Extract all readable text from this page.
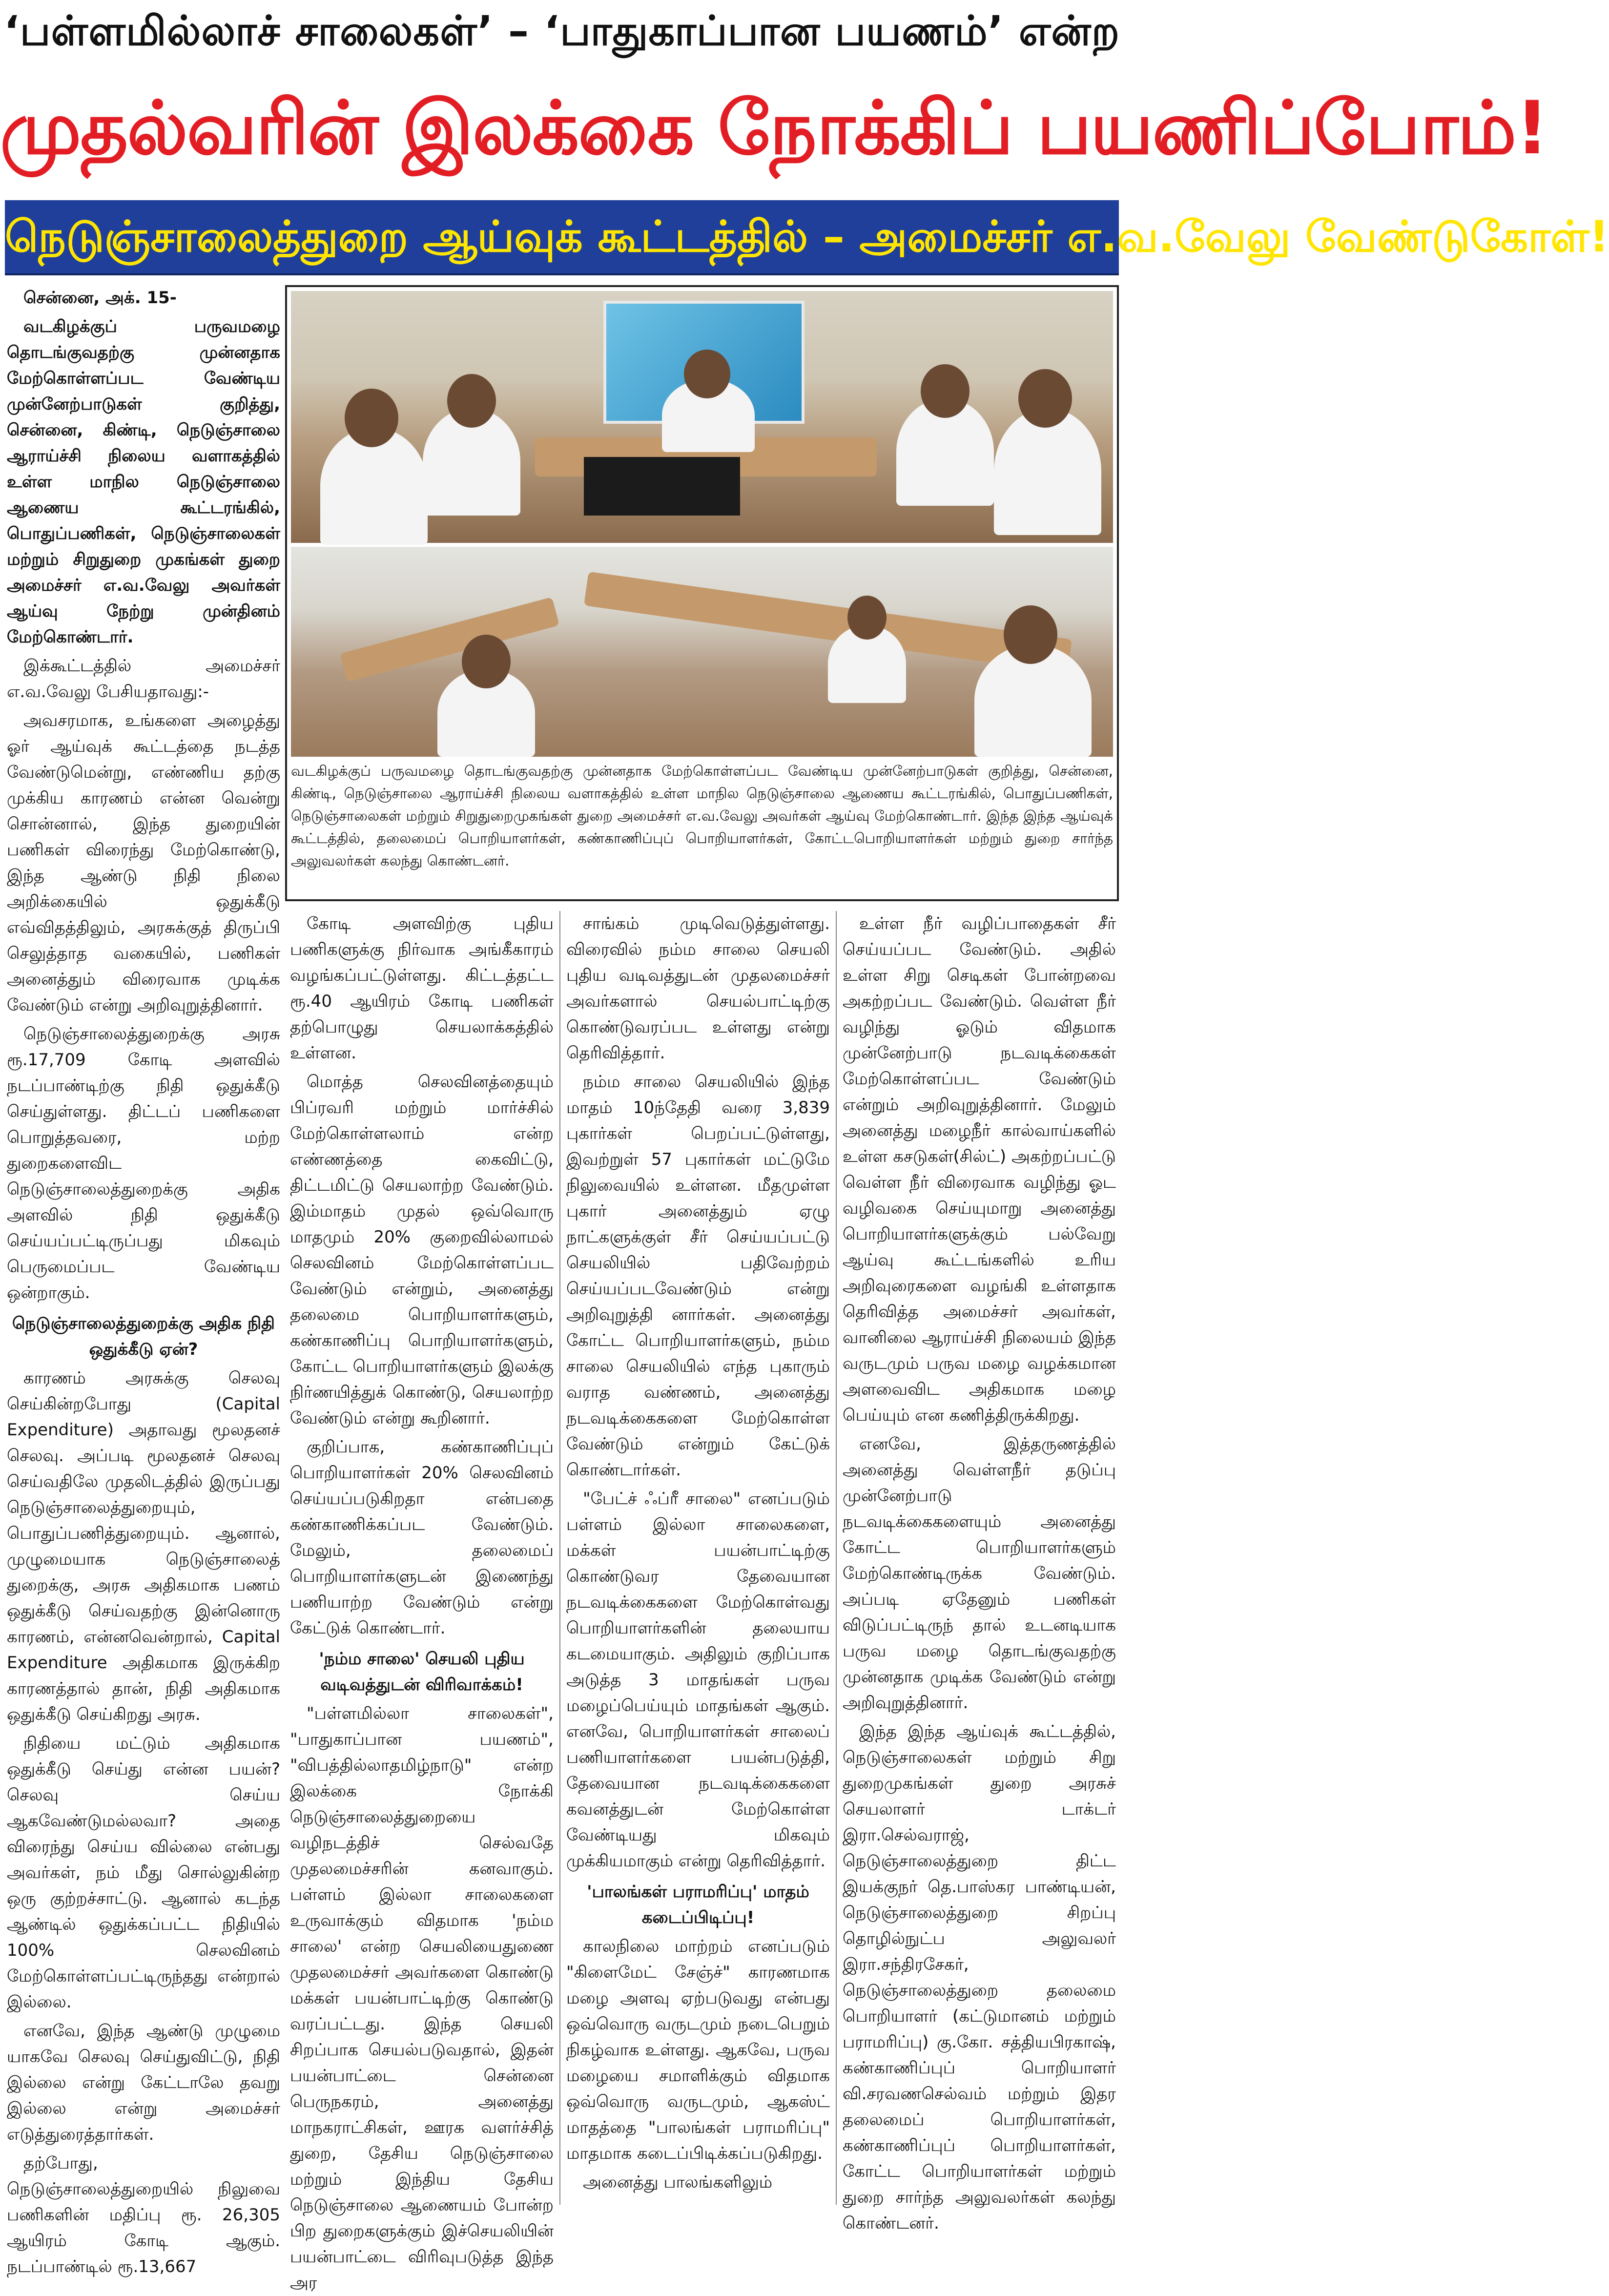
‘பள்ளமில்லாச் சாலைகள்’ – ‘பாதுகாப்பான பயணம்’ என்ற
முதல்வரின் இலக்கை நோக்கிப் பயணிப்போம்!
நெடுஞ்சாலைத்துறை ஆய்வுக் கூட்டத்தில் – அமைச்சர் எ.வ.வேலு வேண்டுகோள்!

சென்னை, அக். 15-

வடகிழக்குப் பருவமழை தொடங்குவதற்கு முன்னதாக மேற்கொள்ளப்பட வேண்டிய முன்னேற்பாடுகள் குறித்து, சென்னை, கிண்டி, நெடுஞ்சாலை ஆராய்ச்சி நிலைய வளாகத்தில் உள்ள மாநில நெடுஞ்சாலை ஆணைய கூட்டரங்கில், பொதுப்பணிகள், நெடுஞ்சாலைகள் மற்றும் சிறுதுறை முகங்கள் துறை அமைச்சர் எ.வ.வேலு அவர்கள் ஆய்வு நேற்று முன்தினம் மேற்கொண்டார்.

இக்கூட்டத்தில் அமைச்சர் எ.வ.வேலு பேசியதாவது:-

அவசரமாக, உங்களை அழைத்து ஓர் ஆய்வுக் கூட்டத்தை நடத்த வேண்டுமென்று, எண்ணிய தற்கு முக்கிய காரணம் என்ன வென்று சொன்னால், இந்த துறையின் பணிகள் விரைந்து மேற்கொண்டு, இந்த ஆண்டு நிதி நிலை அறிக்கையில் ஒதுக்கீடு எவ்விதத்திலும், அரசுக்குத் திருப்பி செலுத்தாத வகையில், பணிகள் அனைத்தும் விரைவாக முடிக்க வேண்டும் என்று அறிவுறுத்தினார்.

நெடுஞ்சாலைத்துறைக்கு அரசு ரூ.17,709 கோடி அளவில் நடப்பாண்டிற்கு நிதி ஒதுக்கீடு செய்துள்ளது. திட்டப் பணிகளை பொறுத்தவரை, மற்ற துறைகளைவிட நெடுஞ்சாலைத்துறைக்கு அதிக அளவில் நிதி ஒதுக்கீடு செய்யப்பட்டிருப்பது மிகவும் பெருமைப்பட வேண்டிய ஒன்றாகும்.

நெடுஞ்சாலைத்துறைக்கு அதிக நிதி ஒதுக்கீடு ஏன்?

காரணம் அரசுக்கு செலவு செய்கின்றபோது (Capital Expenditure) அதாவது மூலதனச் செலவு. அப்படி மூலதனச் செலவு செய்வதிலே முதலிடத்தில் இருப்பது நெடுஞ்சாலைத்துறையும், பொதுப்பணித்துறையும். ஆனால், முழுமையாக நெடுஞ்சாலைத் துறைக்கு, அரசு அதிகமாக பணம் ஒதுக்கீடு செய்வதற்கு இன்னொரு காரணம், என்னவென்றால், Capital Expenditure அதிகமாக இருக்கிற காரணத்தால் தான், நிதி அதிகமாக ஒதுக்கீடு செய்கிறது அரசு.

நிதியை மட்டும் அதிகமாக ஒதுக்கீடு செய்து என்ன பயன்? செலவு செய்ய ஆகவேண்டுமல்லவா? அதை விரைந்து செய்ய வில்லை என்பது அவர்கள், நம் மீது சொல்லுகின்ற ஒரு குற்றச்சாட்டு. ஆனால் கடந்த ஆண்டில் ஒதுக்கப்பட்ட நிதியில் 100% செலவினம் மேற்கொள்ளப்பட்டிருந்தது என்றால் இல்லை.

எனவே, இந்த ஆண்டு முழுமை யாகவே செலவு செய்துவிட்டு, நிதி இல்லை என்று கேட்டாலே தவறு இல்லை என்று அமைச்சர் எடுத்துரைத்தார்கள்.

தற்போது, நெடுஞ்சாலைத்துறையில் நிலுவை பணிகளின் மதிப்பு ரூ. 26,305 ஆயிரம் கோடி ஆகும். நடப்பாண்டில் ரூ.13,667

வடகிழக்குப் பருவமழை தொடங்குவதற்கு முன்னதாக மேற்கொள்ளப்பட வேண்டிய முன்னேற்பாடுகள் குறித்து, சென்னை, கிண்டி, நெடுஞ்சாலை ஆராய்ச்சி நிலைய வளாகத்தில் உள்ள மாநில நெடுஞ்சாலை ஆணைய கூட்டரங்கில், பொதுப்பணிகள், நெடுஞ்சாலைகள் மற்றும் சிறுதுறைமுகங்கள் துறை அமைச்சர் எ.வ.வேலு அவர்கள் ஆய்வு மேற்கொண்டார். இந்த இந்த ஆய்வுக் கூட்டத்தில், தலைமைப் பொறியாளர்கள், கண்காணிப்புப் பொறியாளர்கள், கோட்டபொறியாளர்கள் மற்றும் துறை சார்ந்த அலுவலர்கள் கலந்து கொண்டனர்.

கோடி அளவிற்கு புதிய பணிகளுக்கு நிர்வாக அங்கீகாரம் வழங்கப்பட்டுள்ளது. கிட்டத்தட்ட ரூ.40 ஆயிரம் கோடி பணிகள் தற்பொழுது செயலாக்கத்தில் உள்ளன.

மொத்த செலவினத்தையும் பிப்ரவரி மற்றும் மார்ச்சில் மேற்கொள்ளலாம் என்ற எண்ணத்தை கைவிட்டு, திட்டமிட்டு செயலாற்ற வேண்டும். இம்மாதம் முதல் ஒவ்வொரு மாதமும் 20% குறைவில்லாமல் செலவினம் மேற்கொள்ளப்பட வேண்டும் என்றும், அனைத்து தலைமை பொறியாளர்களும், கண்காணிப்பு பொறியாளர்களும், கோட்ட பொறியாளர்களும் இலக்கு நிர்ணயித்துக் கொண்டு, செயலாற்ற வேண்டும் என்று கூறினார்.

குறிப்பாக, கண்காணிப்புப் பொறியாளர்கள் 20% செலவினம் செய்யப்படுகிறதா என்பதை கண்காணிக்கப்பட வேண்டும். மேலும், தலைமைப் பொறியாளர்களுடன் இணைந்து பணியாற்ற வேண்டும் என்று கேட்டுக் கொண்டார்.

'நம்ம சாலை' செயலி புதிய வடிவத்துடன் விரிவாக்கம்!

"பள்ளமில்லா சாலைகள்", "பாதுகாப்பான பயணம்", "விபத்தில்லாதமிழ்நாடு" என்ற இலக்கை நோக்கி நெடுஞ்சாலைத்துறையை வழிநடத்திச் செல்வதே முதலமைச்சரின் கனவாகும். பள்ளம் இல்லா சாலைகளை உருவாக்கும் விதமாக 'நம்ம சாலை' என்ற செயலியைதுணை முதலமைச்சர் அவர்களை கொண்டு மக்கள் பயன்பாட்டிற்கு கொண்டு வரப்பட்டது. இந்த செயலி சிறப்பாக செயல்படுவதால், இதன் பயன்பாட்டை சென்னை பெருநகரம், அனைத்து மாநகராட்சிகள், ஊரக வளர்ச்சித் துறை, தேசிய நெடுஞ்சாலை மற்றும் இந்திய தேசிய நெடுஞ்சாலை ஆணையம் போன்ற பிற துறைகளுக்கும் இச்செயலியின் பயன்பாட்டை விரிவுபடுத்த இந்த அர

சாங்கம் முடிவெடுத்துள்ளது. விரைவில் நம்ம சாலை செயலி புதிய வடிவத்துடன் முதலமைச்சர் அவர்களால் செயல்பாட்டிற்கு கொண்டுவரப்பட உள்ளது என்று தெரிவித்தார்.

நம்ம சாலை செயலியில் இந்த மாதம் 10ந்தேதி வரை 3,839 புகார்கள் பெறப்பட்டுள்ளது, இவற்றுள் 57 புகார்கள் மட்டுமே நிலுவையில் உள்ளன. மீதமுள்ள புகார் அனைத்தும் ஏழு நாட்களுக்குள் சீர் செய்யப்பட்டு செயலியில் பதிவேற்றம் செய்யப்படவேண்டும் என்று அறிவுறுத்தி னார்கள். அனைத்து கோட்ட பொறியாளர்களும், நம்ம சாலை செயலியில் எந்த புகாரும் வராத வண்ணம், அனைத்து நடவடிக்கைகளை மேற்கொள்ள வேண்டும் என்றும் கேட்டுக் கொண்டார்கள்.

"பேட்ச் ஃப்ரீ சாலை" எனப்படும் பள்ளம் இல்லா சாலைகளை, மக்கள் பயன்பாட்டிற்கு கொண்டுவர தேவையான நடவடிக்கைகளை மேற்கொள்வது பொறியாளர்களின் தலையாய கடமையாகும். அதிலும் குறிப்பாக அடுத்த 3 மாதங்கள் பருவ மழைப்பெய்யும் மாதங்கள் ஆகும். எனவே, பொறியாளர்கள் சாலைப் பணியாளர்களை பயன்படுத்தி, தேவையான நடவடிக்கைகளை கவனத்துடன் மேற்கொள்ள வேண்டியது மிகவும் முக்கியமாகும் என்று தெரிவித்தார்.

'பாலங்கள் பராமரிப்பு' மாதம் கடைப்பிடிப்பு!

காலநிலை மாற்றம் எனப்படும் "கிளைமேட் சேஞ்ச்" காரணமாக மழை அளவு ஏற்படுவது என்பது ஒவ்வொரு வருடமும் நடைபெறும் நிகழ்வாக உள்ளது. ஆகவே, பருவ மழையை சமாளிக்கும் விதமாக ஒவ்வொரு வருடமும், ஆகஸ்ட் மாதத்தை "பாலங்கள் பராமரிப்பு" மாதமாக கடைப்பிடிக்கப்படுகிறது.

அனைத்து பாலங்களிலும்

உள்ள நீர் வழிப்பாதைகள் சீர் செய்யப்பட வேண்டும். அதில் உள்ள சிறு செடிகள் போன்றவை அகற்றப்பட வேண்டும். வெள்ள நீர் வழிந்து ஓடும் விதமாக முன்னேற்பாடு நடவடிக்கைகள் மேற்கொள்ளப்பட வேண்டும் என்றும் அறிவுறுத்தினார். மேலும் அனைத்து மழைநீர் கால்வாய்களில் உள்ள கசடுகள்(சில்ட்) அகற்றப்பட்டு வெள்ள நீர் விரைவாக வழிந்து ஓட வழிவகை செய்யுமாறு அனைத்து பொறியாளர்களுக்கும் பல்வேறு ஆய்வு கூட்டங்களில் உரிய அறிவுரைகளை வழங்கி உள்ளதாக தெரிவித்த அமைச்சர் அவர்கள், வானிலை ஆராய்ச்சி நிலையம் இந்த வருடமும் பருவ மழை வழக்கமான அளவைவிட அதிகமாக மழை பெய்யும் என கணித்திருக்கிறது.

எனவே, இத்தருணத்தில் அனைத்து வெள்ளநீர் தடுப்பு முன்னேற்பாடு நடவடிக்கைகளையும் அனைத்து கோட்ட பொறியாளர்களும் மேற்கொண்டிருக்க வேண்டும். அப்படி ஏதேனும் பணிகள் விடுப்பட்டிருந் தால் உடனடியாக பருவ மழை தொடங்குவதற்கு முன்னதாக முடிக்க வேண்டும் என்று அறிவுறுத்தினார்.

இந்த இந்த ஆய்வுக் கூட்டத்தில், நெடுஞ்சாலைகள் மற்றும் சிறு துறைமுகங்கள் துறை அரசுச் செயலாளர் டாக்டர் இரா.செல்வராஜ், நெடுஞ்சாலைத்துறை திட்ட இயக்குநர் தெ.பாஸ்கர பாண்டியன், நெடுஞ்சாலைத்துறை சிறப்பு தொழில்நுட்ப அலுவலர் இரா.சந்திரசேகர், நெடுஞ்சாலைத்துறை தலைமை பொறியாளர் (கட்டுமானம் மற்றும் பராமரிப்பு) கு.கோ. சத்தியபிரகாஷ், கண்காணிப்புப் பொறியாளர் வி.சரவணசெல்வம் மற்றும் இதர தலைமைப் பொறியாளர்கள், கண்காணிப்புப் பொறியாளர்கள், கோட்ட பொறியாளர்கள் மற்றும் துறை சார்ந்த அலுவலர்கள் கலந்து கொண்டனர்.
